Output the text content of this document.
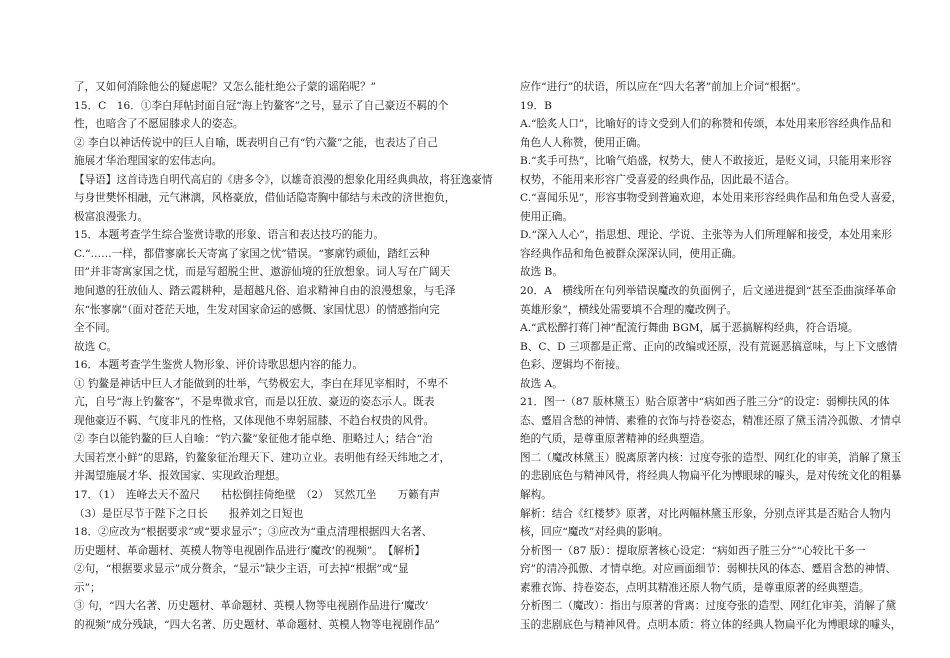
了，又如何消除他公的疑虑呢？又怎么能杜绝公子蒙的谣陷呢？”
15．C　16．①李白拜帖封面自冠“海上钓鳌客”之号，显示了自己豪迈不羁的个
性，也暗含了不愿屈膝求人的姿态。
② 李白以神话传说中的巨人自喻，既表明自己有“钓六鳌”之能，也表达了自己
施展才华治理国家的宏伟志向。
【导语】这首诗选自明代高启的《唐多令》，以雄奇浪漫的想象化用经典典故，将狂逸豪情
与身世樊怀相融，元气淋漓，风格豪放，借仙话隐寄胸中郁结与未改的济世抱负，
极富浪漫张力。
15．本题考查学生综合鉴赏诗歌的形象、语言和表达技巧的能力。
C.“……一样，都借寥廓长天寄寓了家国之忧”错误。“寥廓钓顽仙，踏红云种
田”并非寄寓家国之忧，而是写超脱尘世、遨游仙境的狂放想象。词人写在广阔天
地间遨的狂放仙人、踏云霞耕种，是超越凡俗、追求精神自由的浪漫想象，与毛泽
东“怅寥廓”（面对苍茫天地，生发对国家命运的感慨、家国忧思）的情感指向完
全不同。
故选 C。
16．本题考查学生鉴赏人物形象、评价诗歌思想内容的能力。
① 钓鳌是神话中巨人才能做到的壮举，气势极宏大，李白在拜见宰相时，不卑不
亢，自号“海上钓鳌客”，不是卑微求官，而是以狂放、豪迈的姿态示人。既表
现他豪迈不羁、气度非凡的性格，又体现他不卑躬屈膝、不趋台权贵的风骨。
② 李白以能钓鳌的巨人自喻：“钓六鳌”象征他才能卓绝、胆略过人；结合“治
大国若烹小鲜”的思路，钓鳌象征治理天下、建功立业。表明他有经天纬地之才，
并渴望施展才华、报效国家、实现政治理想。
17．（1）　连峰去天不盈尺　　枯松倒挂倚绝壁　（2）　冥然兀坐　　万籁有声
（3）是臣尽节于陛下之日长　　报养刘之日短也
18．②应改为“根据要求”或“要求显示”；③应改为“重点清理根据四大名著、
历史题材、革命题材、英模人物等电视剧作品进行‘魔改’的视频”。　【解析】
②句，“根据要求显示”成分赘余，“显示”缺少主语，可去掉“根据”或“显
示”；
③ 句，“四大名著、历史题材、革命题材、英模人物等电视剧作品进行‘魔改’
的视频”成分残缺，“四大名著、历史题材、革命题材、英模人物等电视剧作品”
应作“进行”的状语，所以应在“四大名著”前加上介词“根据”。
19．B
A.“脍炙人口”，比喻好的诗文受到人们的称赞和传颂，本处用来形容经典作品和
角色人人称赞，使用正确。
B.“炙手可热”，比喻气焰盛，权势大，使人不敢接近，是贬义词，只能用来形容
权势，不能用来形容广受喜爱的经典作品，因此最不适合。
C.“喜闻乐见”，形容事物受到普遍欢迎，本处用来形容经典作品和角色受人喜爱，
使用正确。
D.“深入人心”，指思想、理论、学说、主张等为人们所理解和接受，本处用来形
容经典作品和角色被群众深深认同，使用正确。
故选 B。
20．A　横线所在句列举错误魔改的负面例子，后文递进提到“甚至歪曲演绎革命
英雄形象”，横线处需要填不合理的魔改例子。
A.“武松醉打蒋门神”配流行舞曲 BGM，属于恶搞解构经典，符合语境。
B、C、D 三项都是正常、正向的改编或还原，没有荒诞恶搞意味，与上下文感情
色彩、逻辑均不衔接。
故选 A。
21．图一（87 版林黛玉）贴合原著中“病如西子胜三分”的设定：弱柳扶风的体
态、蹙眉含愁的神情、素雅的衣饰与持卷姿态，精准还原了黛玉清冷孤傲、才情卓
绝的气质，是尊重原著精神的经典塑造。
图二（魔改林黛玉）脱离原著内核：过度夸张的造型、网红化的审美，消解了黛玉
的悲剧底色与精神风骨，将经典人物扁平化为博眼球的噱头，是对传统文化的粗暴
解构。
解析：结合《红楼梦》原著，对比两幅林黛玉形象，分别点评其是否贴合人物内
核，回应“魔改”对经典的影响。
分析图一（87 版）：提取原著核心设定：“病如西子胜三分”“心较比干多一
窍”的清冷孤傲、才情卓绝。对应画面细节：弱柳扶风的体态、蹙眉含愁的神情、
素雅衣饰、持卷姿态，点明其精准还原人物气质，是尊重原著的经典塑造。
分析图二（魔改）：指出与原著的背离：过度夸张的造型、网红化审美，消解了黛
玉的悲剧底色与精神风骨。点明本质：将立体的经典人物扁平化为博眼球的噱头，
